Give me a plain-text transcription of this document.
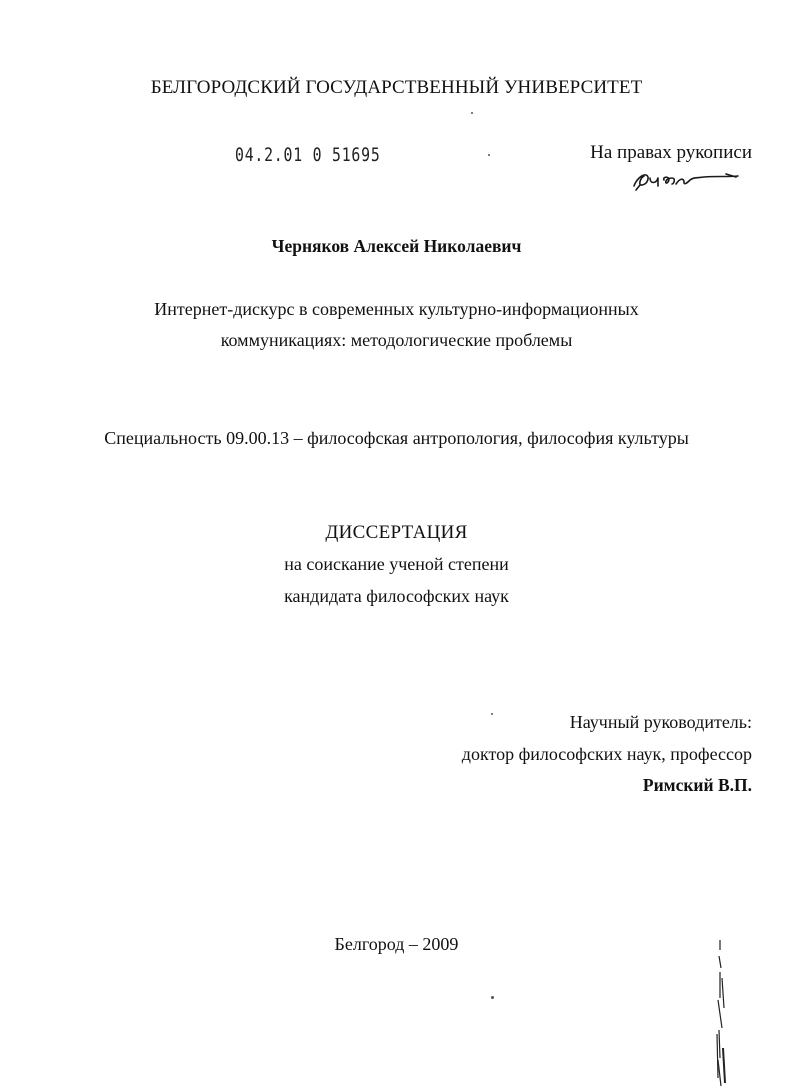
БЕЛГОРОДСКИЙ ГОСУДАРСТВЕННЫЙ УНИВЕРСИТЕТ
04.2.01 0 51695	На правах рукописи
Черняков Алексей Николаевич
Интернет-дискурс в современных культурно-информационных
коммуникациях: методологические проблемы
Специальность 09.00.13 – философская антропология, философия культуры
ДИССЕРТАЦИЯ
на соискание ученой степени
кандидата философских наук
Научный руководитель:
доктор философских наук, профессор
Римский В.П.
Белгород – 2009
